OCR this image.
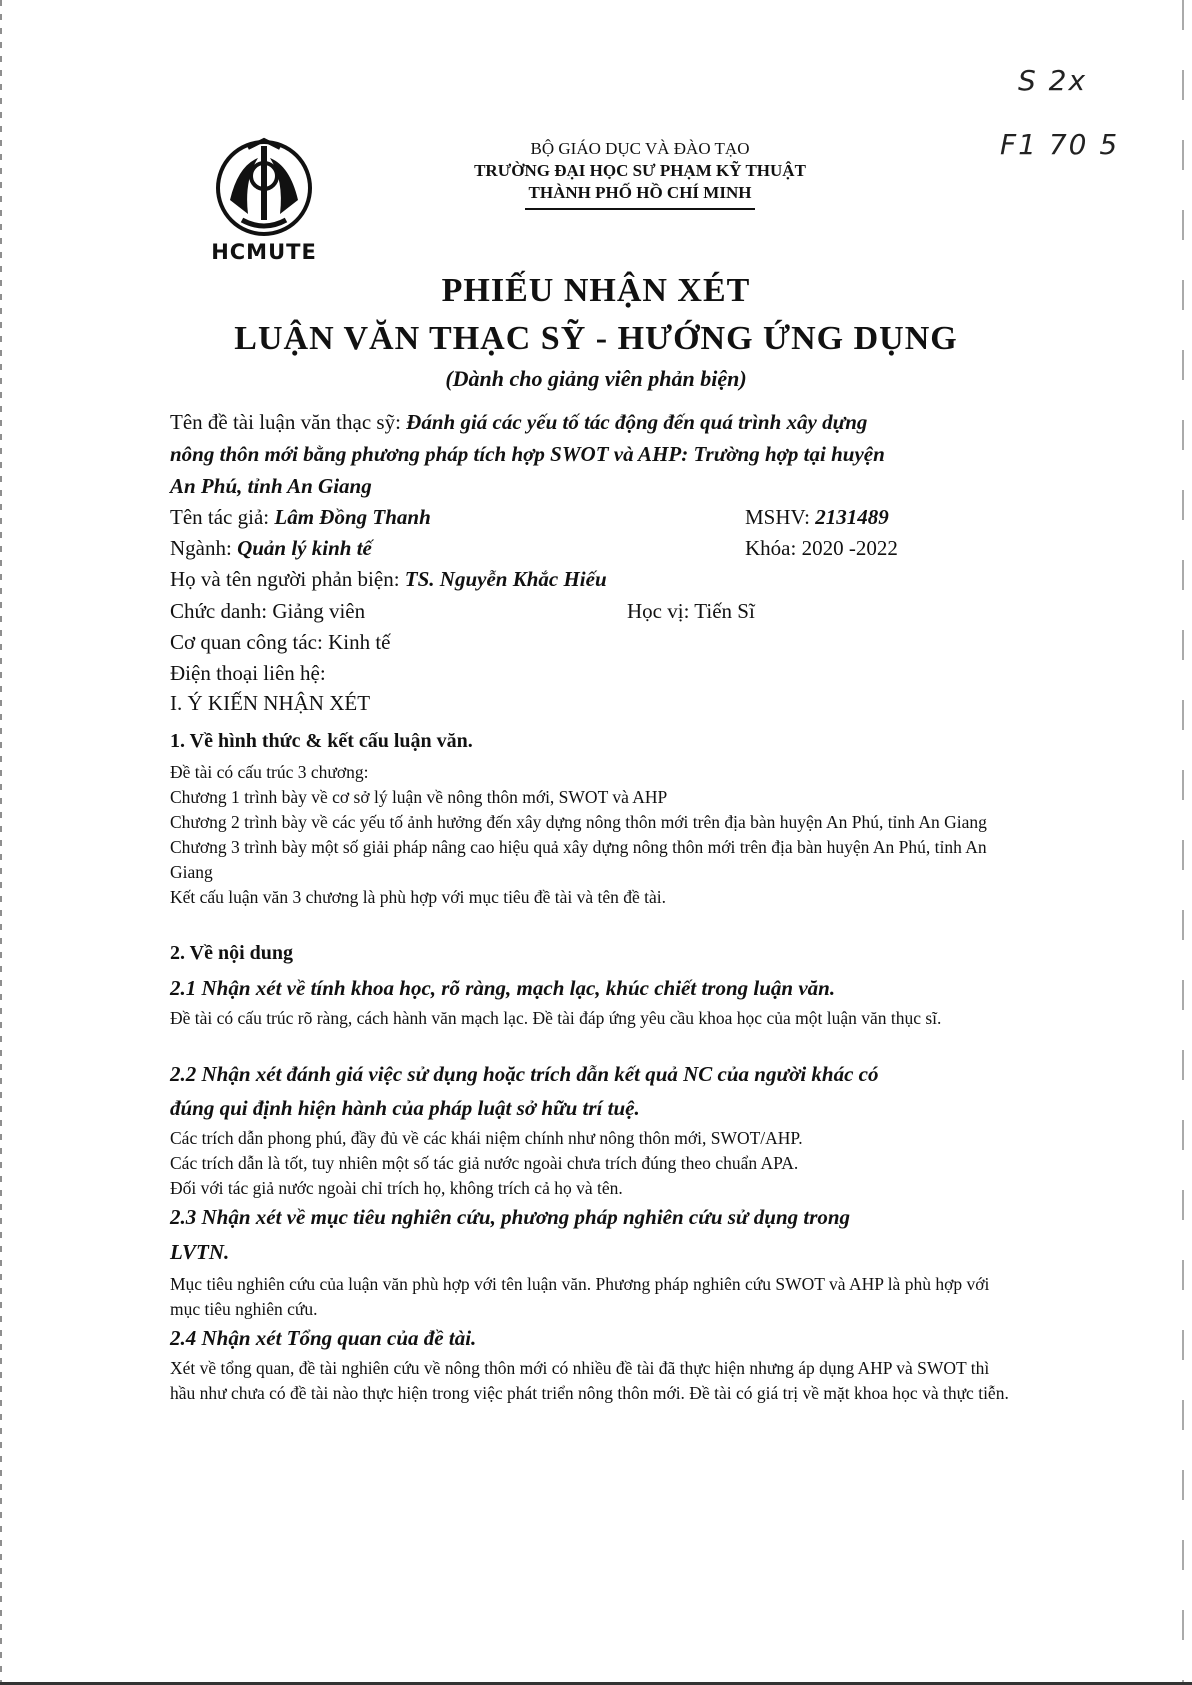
S 2x
F1 70 5
HCMUTE
BỘ GIÁO DỤC VÀ ĐÀO TẠO
TRƯỜNG ĐẠI HỌC SƯ PHẠM KỸ THUẬT
THÀNH PHỐ HỒ CHÍ MINH
PHIẾU NHẬN XÉT
LUẬN VĂN THẠC SỸ - HƯỚNG ỨNG DỤNG
(Dành cho giảng viên phản biện)
Tên đề tài luận văn thạc sỹ: Đánh giá các yếu tố tác động đến quá trình xây dựng
nông thôn mới bằng phương pháp tích hợp SWOT và AHP: Trường hợp tại huyện
An Phú, tỉnh An Giang
Tên tác giả: Lâm Đồng Thanh	MSHV: 2131489
Ngành: Quản lý kinh tế	Khóa: 2020 -2022
Họ và tên người phản biện: TS. Nguyễn Khắc Hiếu
Chức danh: Giảng viên	Học vị: Tiến Sĩ
Cơ quan công tác: Kinh tế
Điện thoại liên hệ:
I. Ý KIẾN NHẬN XÉT
1. Về hình thức & kết cấu luận văn.

Đề tài có cấu trúc 3 chương:

Chương 1 trình bày về cơ sở lý luận về nông thôn mới, SWOT và AHP

Chương 2 trình bày về các yếu tố ảnh hưởng đến xây dựng nông thôn mới trên địa bàn huyện An Phú, tỉnh An Giang

Chương 3 trình bày một số giải pháp nâng cao hiệu quả xây dựng nông thôn mới trên địa bàn huyện An Phú, tỉnh An Giang

Kết cấu luận văn 3 chương là phù hợp với mục tiêu đề tài và tên đề tài.

2. Về nội dung
2.1 Nhận xét về tính khoa học, rõ ràng, mạch lạc, khúc chiết trong luận văn.
Đề tài có cấu trúc rõ ràng, cách hành văn mạch lạc. Đề tài đáp ứng yêu cầu khoa học của một luận văn thục sĩ.
2.2 Nhận xét đánh giá việc sử dụng hoặc trích dẫn kết quả NC của người khác có
đúng qui định hiện hành của pháp luật sở hữu trí tuệ.

Các trích dẫn phong phú, đầy đủ về các khái niệm chính như nông thôn mới, SWOT/AHP.

Các trích dẫn là tốt, tuy nhiên một số tác giả nước ngoài chưa trích đúng theo chuẩn APA.

Đối với tác giả nước ngoài chỉ trích họ, không trích cả họ và tên.

2.3 Nhận xét về mục tiêu nghiên cứu, phương pháp nghiên cứu sử dụng trong
LVTN.
Mục tiêu nghiên cứu của luận văn phù hợp với tên luận văn. Phương pháp nghiên cứu SWOT và AHP là phù hợp với mục tiêu nghiên cứu.
2.4 Nhận xét Tổng quan của đề tài.
Xét về tổng quan, đề tài nghiên cứu về nông thôn mới có nhiều đề tài đã thực hiện nhưng áp dụng AHP và SWOT thì hầu như chưa có đề tài nào thực hiện trong việc phát triển nông thôn mới. Đề tài có giá trị về mặt khoa học và thực tiễn.
